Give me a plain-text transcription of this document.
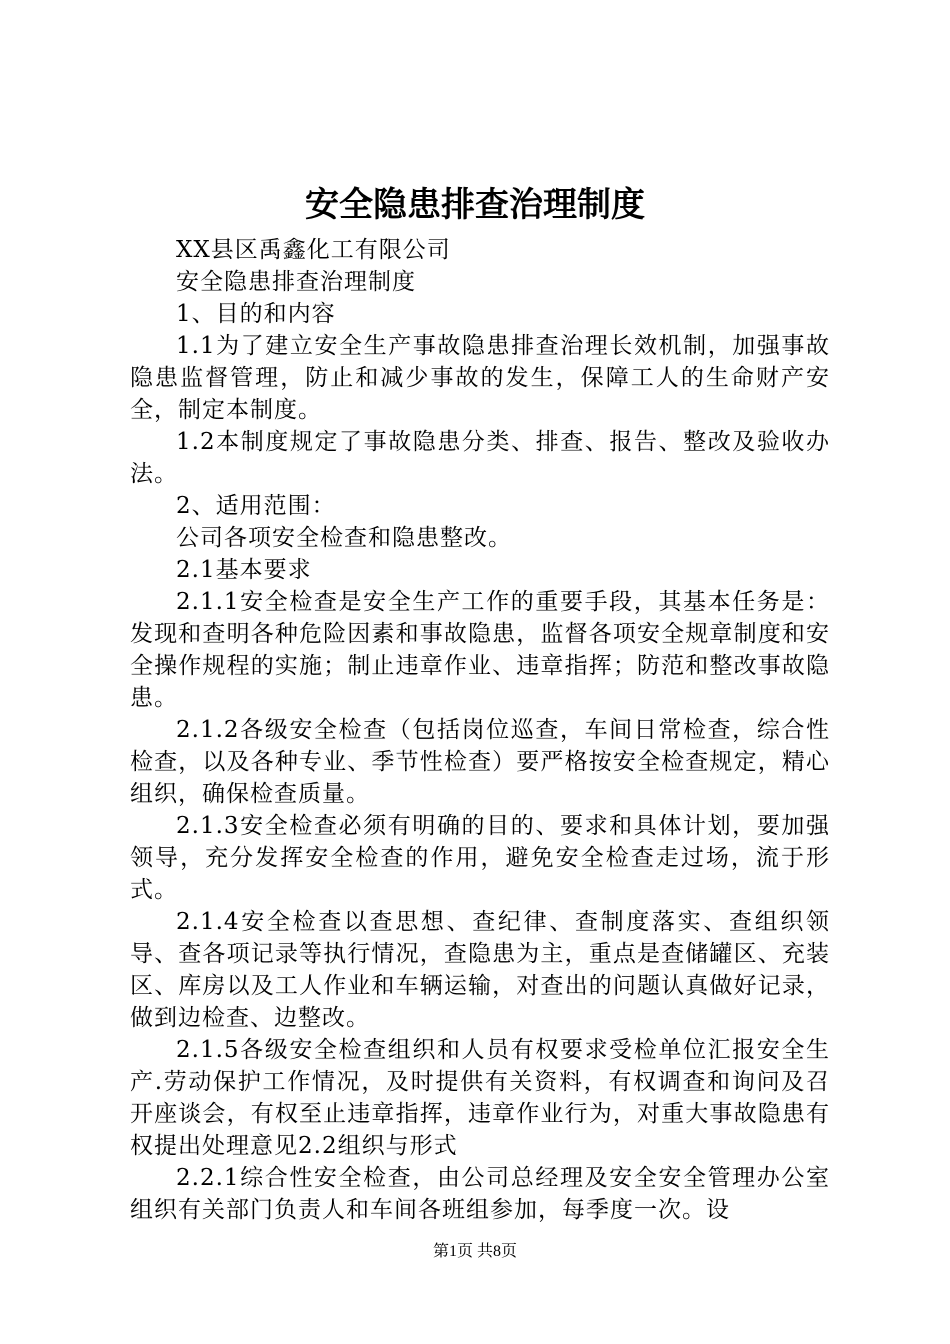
安全隐患排查治理制度

XX县区禹鑫化工有限公司

安全隐患排查治理制度

1、目的和内容

1.1为了建立安全生产事故隐患排查治理长效机制，加强事故隐患监督管理，防止和减少事故的发生，保障工人的生命财产安全，制定本制度。

1.2本制度规定了事故隐患分类、排查、报告、整改及验收办法。

2、适用范围：

公司各项安全检查和隐患整改。

2.1基本要求

2.1.1安全检查是安全生产工作的重要手段，其基本任务是：发现和查明各种危险因素和事故隐患，监督各项安全规章制度和安全操作规程的实施；制止违章作业、违章指挥；防范和整改事故隐患。

2.1.2各级安全检查（包括岗位巡查，车间日常检查，综合性检查，以及各种专业、季节性检查）要严格按安全检查规定，精心组织，确保检查质量。

2.1.3安全检查必须有明确的目的、要求和具体计划，要加强领导，充分发挥安全检查的作用，避免安全检查走过场，流于形式。

2.1.4安全检查以查思想、查纪律、查制度落实、查组织领导、查各项记录等执行情况，查隐患为主，重点是查储罐区、充装区、库房以及工人作业和车辆运输，对查出的问题认真做好记录，做到边检查、边整改。

2.1.5各级安全检查组织和人员有权要求受检单位汇报安全生产.劳动保护工作情况，及时提供有关资料，有权调查和询问及召开座谈会，有权至止违章指挥，违章作业行为，对重大事故隐患有权提出处理意见2.2组织与形式

2.2.1综合性安全检查，由公司总经理及安全安全管理办公室组织有关部门负责人和车间各班组参加，每季度一次。设

第1页 共8页
